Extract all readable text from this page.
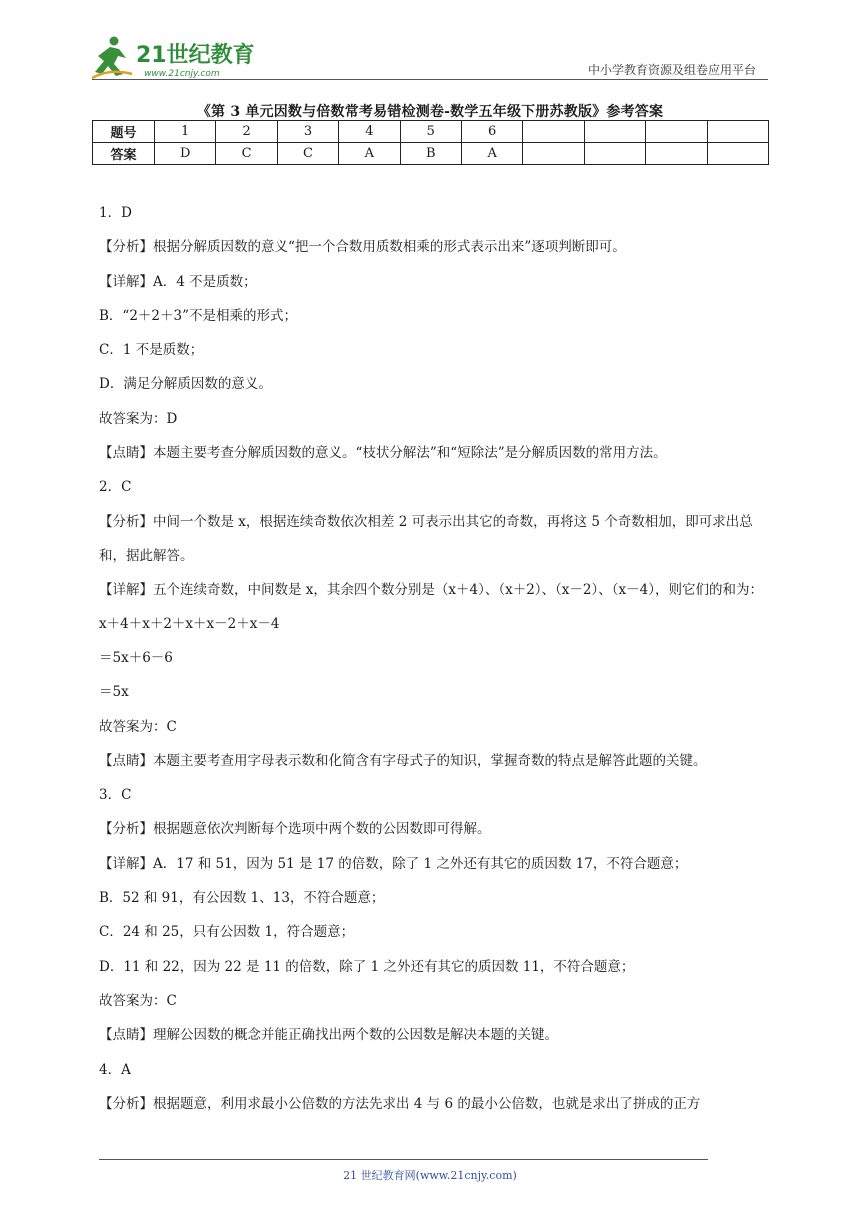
21世纪教育
www.21cnjy.com	中小学教育资源及组卷应用平台
《第 3 单元因数与倍数常考易错检测卷-数学五年级下册苏教版》参考答案
题号	1	2	3	4	5	6				
答案	D	C	C	A	B	A				

1．D

【分析】根据分解质因数的意义“把一个合数用质数相乘的形式表示出来”逐项判断即可。

【详解】A．4 不是质数；

B．“2＋2＋3”不是相乘的形式；

C．1 不是质数；

D．满足分解质因数的意义。

故答案为：D

【点睛】本题主要考查分解质因数的意义。“枝状分解法”和“短除法”是分解质因数的常用方法。

2．C

【分析】中间一个数是 x，根据连续奇数依次相差 2 可表示出其它的奇数，再将这 5 个奇数相加，即可求出总和，据此解答。

【详解】五个连续奇数，中间数是 x，其余四个数分别是（x＋4）、（x＋2）、（x－2）、（x－4），则它们的和为：

x＋4＋x＋2＋x＋x－2＋x－4

＝5x＋6－6

＝5x

故答案为：C

【点睛】本题主要考查用字母表示数和化简含有字母式子的知识，掌握奇数的特点是解答此题的关键。

3．C

【分析】根据题意依次判断每个选项中两个数的公因数即可得解。

【详解】A．17 和 51，因为 51 是 17 的倍数，除了 1 之外还有其它的质因数 17，不符合题意；

B．52 和 91，有公因数 1、13，不符合题意；

C．24 和 25，只有公因数 1，符合题意；

D．11 和 22，因为 22 是 11 的倍数，除了 1 之外还有其它的质因数 11，不符合题意；

故答案为：C

【点睛】理解公因数的概念并能正确找出两个数的公因数是解决本题的关键。

4．A

【分析】根据题意，利用求最小公倍数的方法先求出 4 与 6 的最小公倍数，也就是求出了拼成的正方

21 世纪教育网(www.21cnjy.com)
